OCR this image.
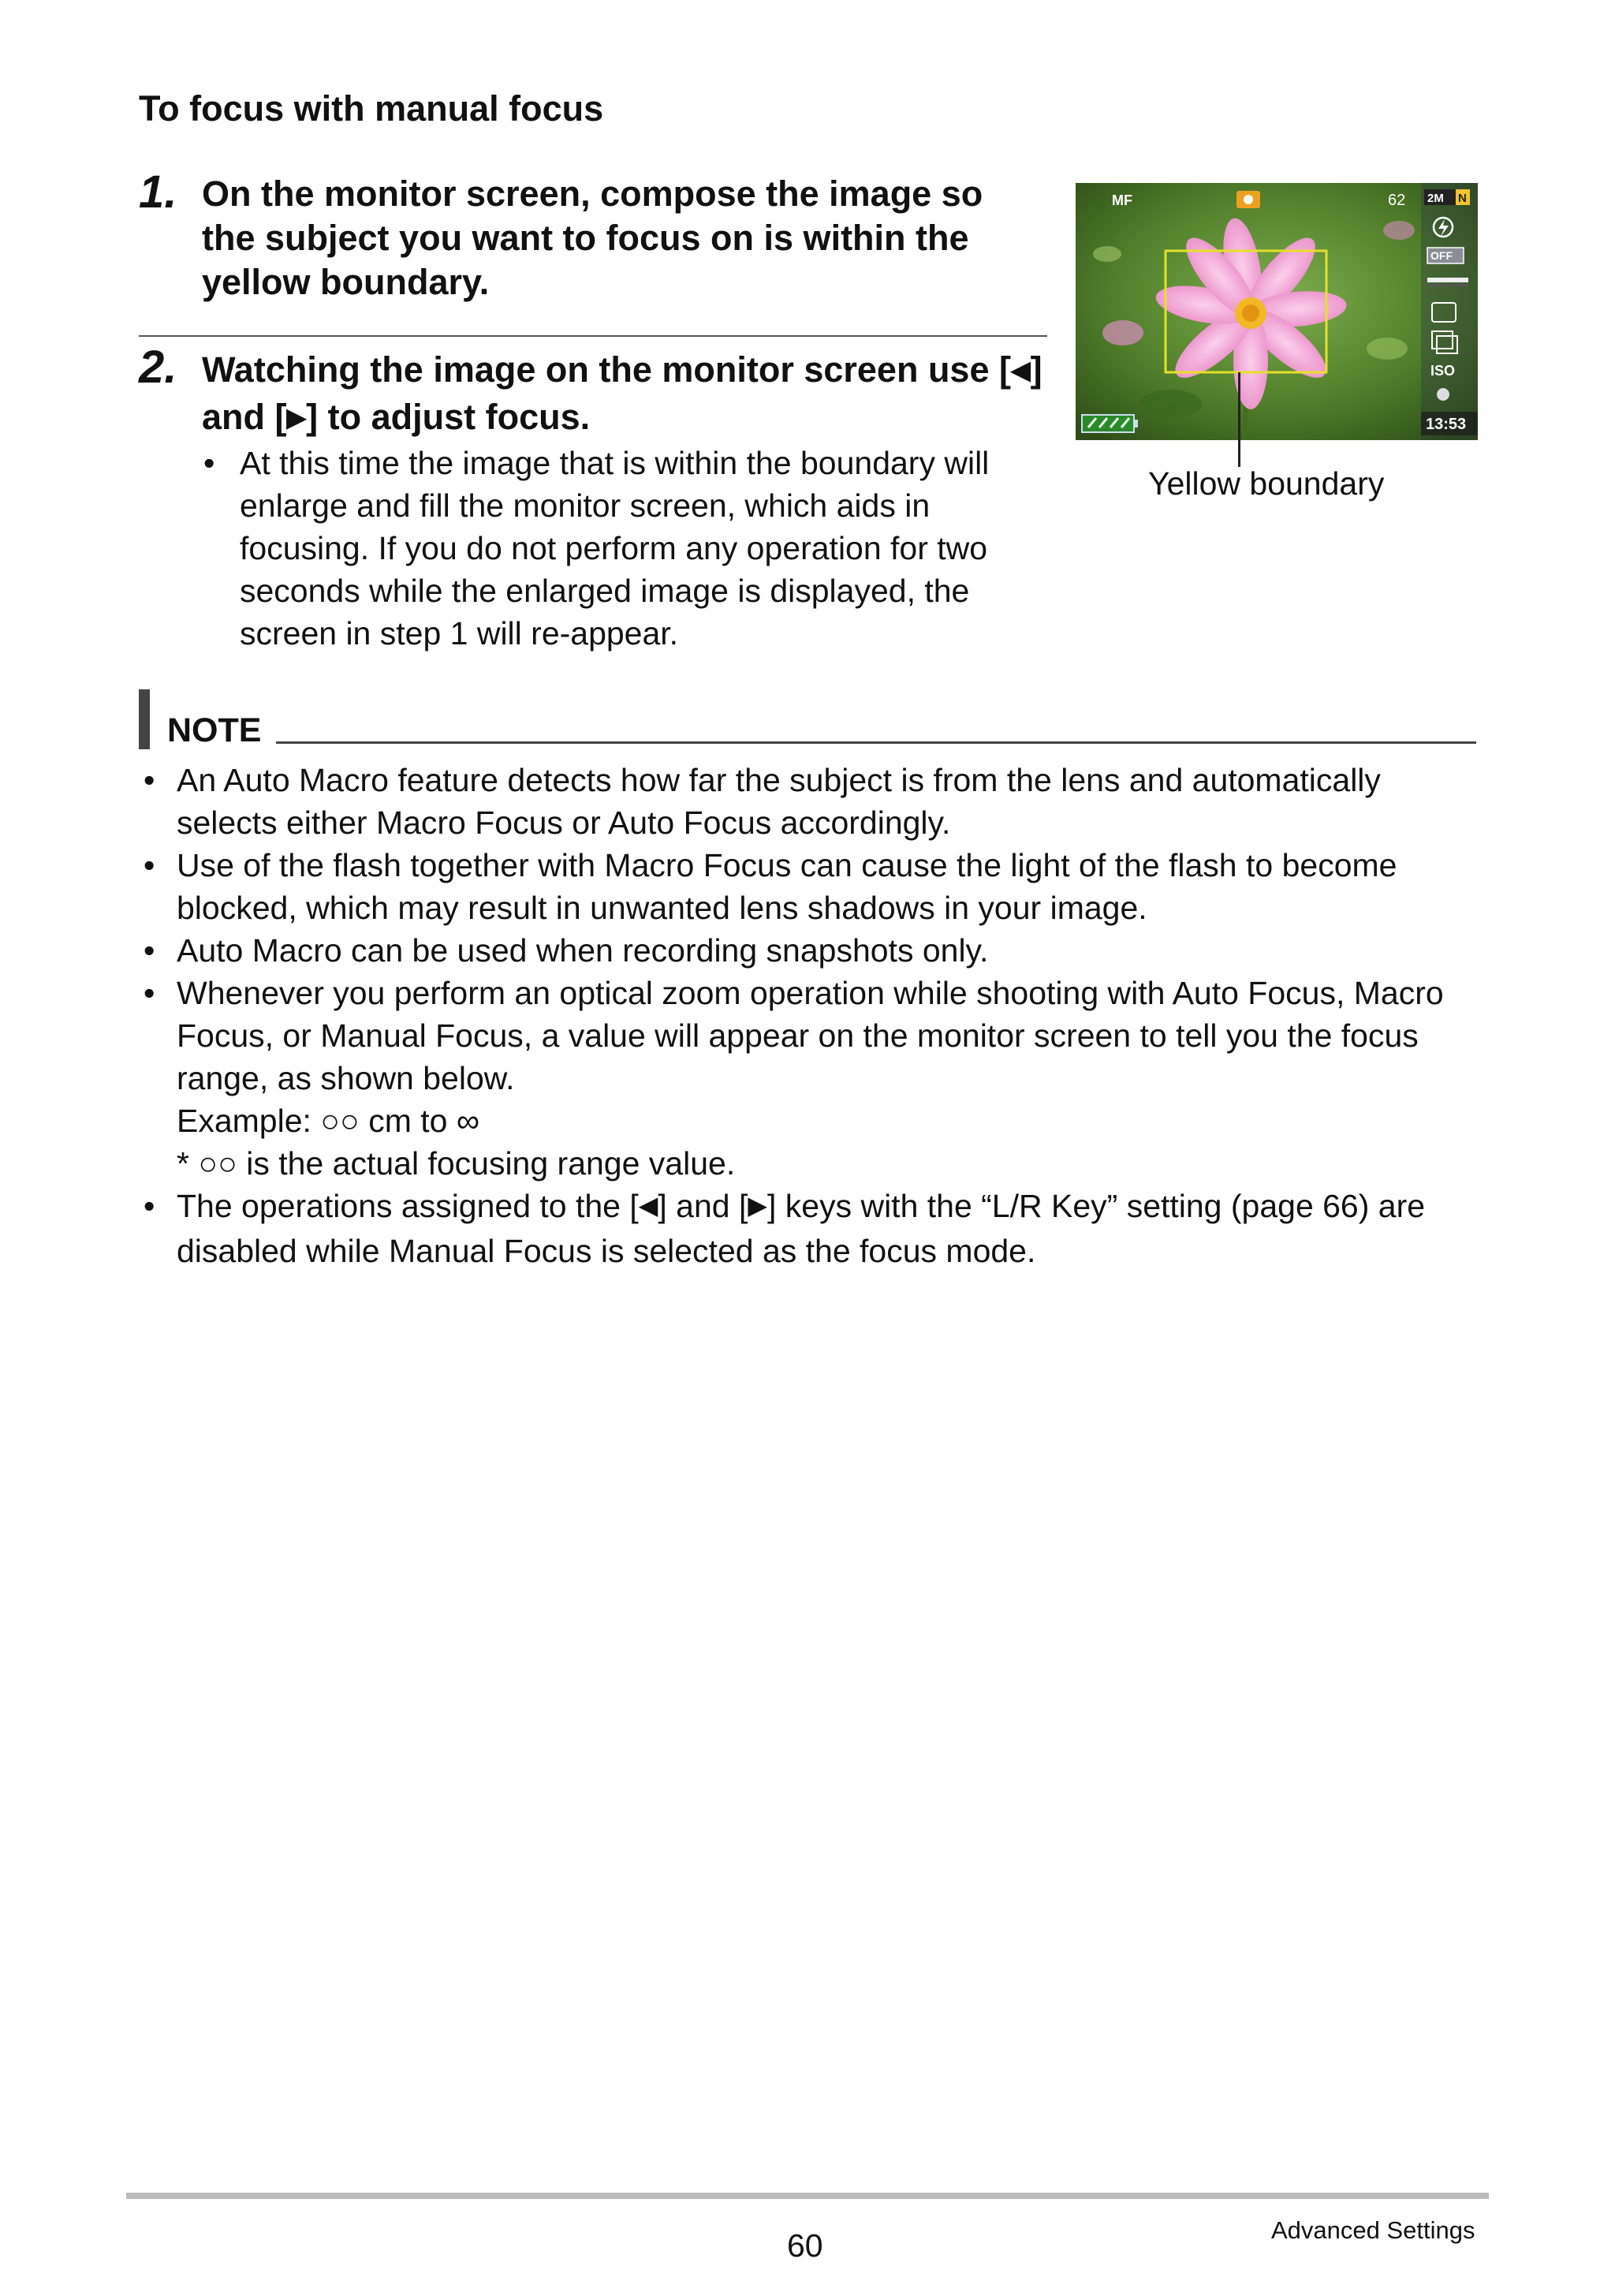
To focus with manual focus
1. On the monitor screen, compose the image so the subject you want to focus on is within the yellow boundary.
2. Watching the image on the monitor screen use [◀] and [▶] to adjust focus.
• At this time the image that is within the boundary will enlarge and fill the monitor screen, which aids in focusing. If you do not perform any operation for two seconds while the enlarged image is displayed, the screen in step 1 will re-appear.
2M N
OFF
ISO
13:53
MF	62
Yellow boundary
NOTE
• An Auto Macro feature detects how far the subject is from the lens and automatically selects either Macro Focus or Auto Focus accordingly.
• Use of the flash together with Macro Focus can cause the light of the flash to become blocked, which may result in unwanted lens shadows in your image.
• Auto Macro can be used when recording snapshots only.
• Whenever you perform an optical zoom operation while shooting with Auto Focus, Macro Focus, or Manual Focus, a value will appear on the monitor screen to tell you the focus range, as shown below.
Example: ○○ cm to ∞
* ○○ is the actual focusing range value.
• The operations assigned to the [◀] and [▶] keys with the “L/R Key” setting (page 66) are disabled while Manual Focus is selected as the focus mode.
60	Advanced Settings
